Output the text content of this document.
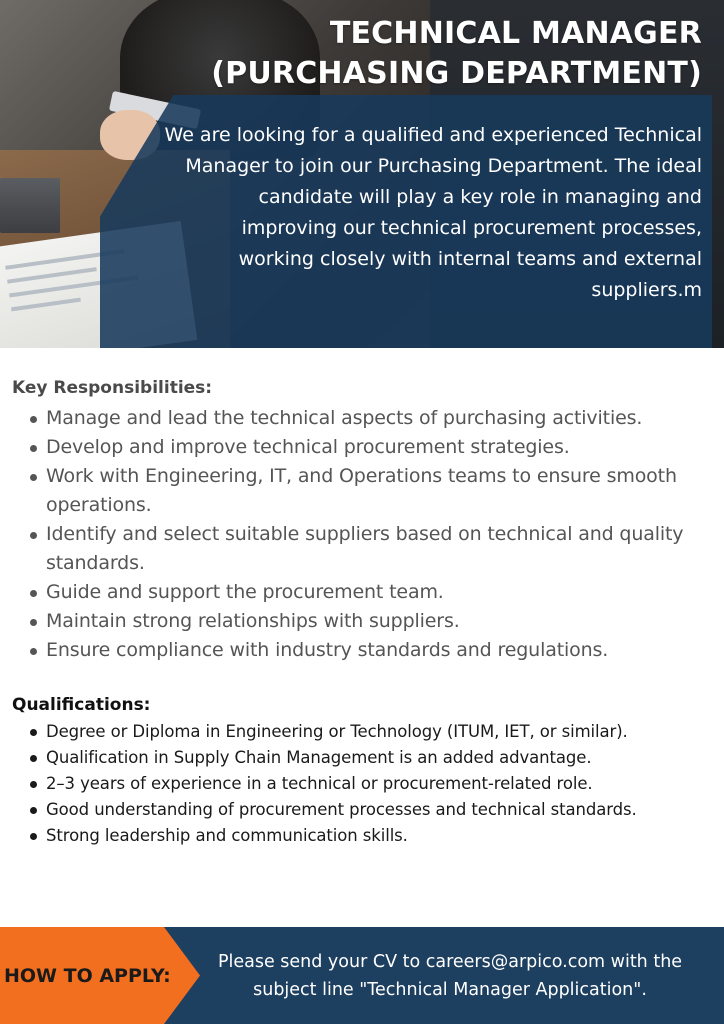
TECHNICAL MANAGER (PURCHASING DEPARTMENT)

We are looking for a qualified and experienced Technical Manager to join our Purchasing Department. The ideal candidate will play a key role in managing and improving our technical procurement processes, working closely with internal teams and external suppliers.m

Key Responsibilities:
Manage and lead the technical aspects of purchasing activities.
Develop and improve technical procurement strategies.
Work with Engineering, IT, and Operations teams to ensure smooth operations.
Identify and select suitable suppliers based on technical and quality standards.
Guide and support the procurement team.
Maintain strong relationships with suppliers.
Ensure compliance with industry standards and regulations.
Qualifications:
Degree or Diploma in Engineering or Technology (ITUM, IET, or similar).
Qualification in Supply Chain Management is an added advantage.
2–3 years of experience in a technical or procurement-related role.
Good understanding of procurement processes and technical standards.
Strong leadership and communication skills.
HOW TO APPLY:
Please send your CV to careers@arpico.com with the subject line "Technical Manager Application".
